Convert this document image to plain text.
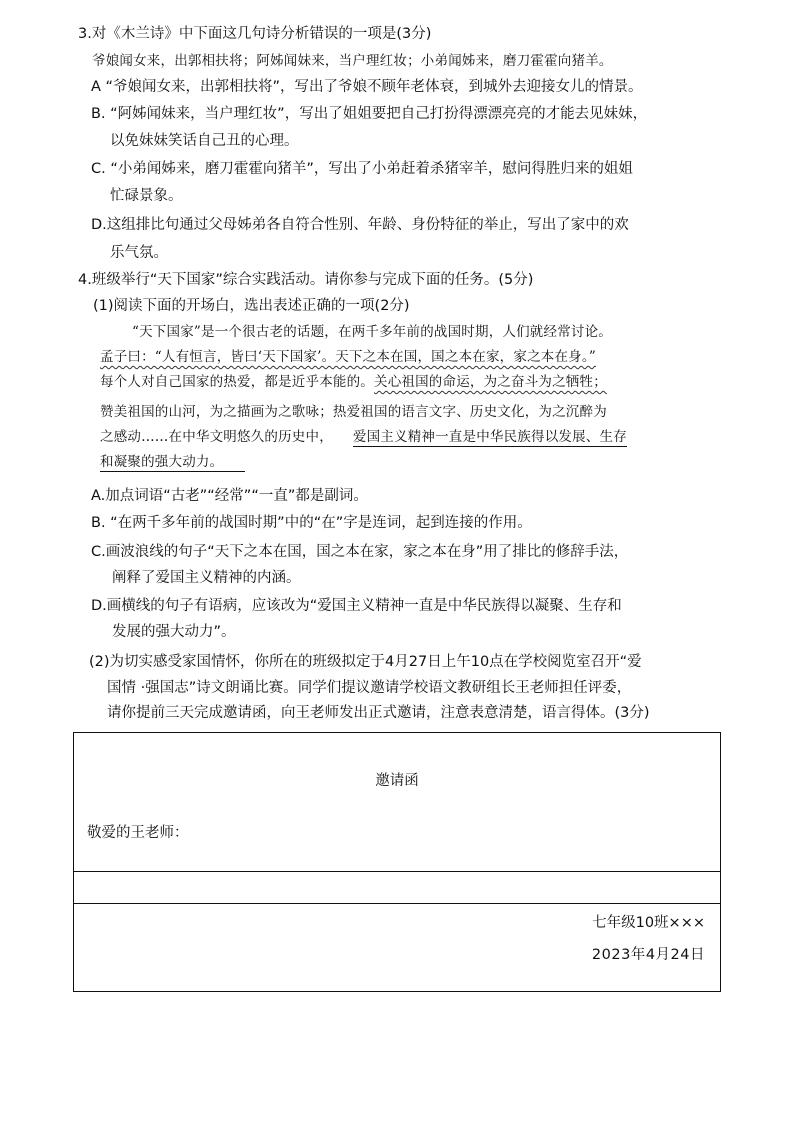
3.对《木兰诗》中下面这几句诗分析错误的一项是(3分)
爷娘闻女来，出郭相扶将；阿姊闻妹来，当户理红妆；小弟闻姊来，磨刀霍霍向猪羊。
A “爷娘闻女来，出郭相扶将”，写出了爷娘不顾年老体衰，到城外去迎接女儿的情景。
B. “阿姊闻妹来，当户理红妆”，写出了姐姐要把自己打扮得漂漂亮亮的才能去见妹妹，
以免妹妹笑话自己丑的心理。
C. “小弟闻姊来，磨刀霍霍向猪羊”，写出了小弟赶着杀猪宰羊，慰问得胜归来的姐姐
忙碌景象。
D.这组排比句通过父母姊弟各自符合性别、年龄、身份特征的举止，写出了家中的欢
乐气氛。
4.班级举行“天下国家”综合实践活动。请你参与完成下面的任务。(5分)
(1)阅读下面的开场白，选出表述正确的一项(2分)
“天下国家”是一个很古老的话题，在两千多年前的战国时期，人们就经常讨论。
孟子曰：“人有恒言，皆曰‘天下国家’。天下之本在国，国之本在家，家之本在身。”
每个人对自己国家的热爱，都是近乎本能的。关心祖国的命运，为之奋斗为之牺牲；
赞美祖国的山河，为之描画为之歌咏；热爱祖国的语言文字、历史文化，为之沉醉为
之感动……在中华文明悠久的历史中， 爱国主义精神一直是中华民族得以发展、生存
和凝聚的强大动力。
A.加点词语“古老”“经常”“一直”都是副词。
B. “在两千多年前的战国时期”中的“在”字是连词，起到连接的作用。
C.画波浪线的句子“天下之本在国，国之本在家，家之本在身”用了排比的修辞手法，
阐释了爱国主义精神的内涵。
D.画横线的句子有语病，应该改为“爱国主义精神一直是中华民族得以凝聚、生存和
发展的强大动力”。
(2)为切实感受家国情怀，你所在的班级拟定于4月27日上午10点在学校阅览室召开“爱
国情 ·强国志”诗文朗诵比赛。同学们提议邀请学校语文教研组长王老师担任评委，
请你提前三天完成邀请函，向王老师发出正式邀请，注意表意清楚，语言得体。(3分)
邀请函
敬爱的王老师：
七年级10班×××
2023年4月24日
